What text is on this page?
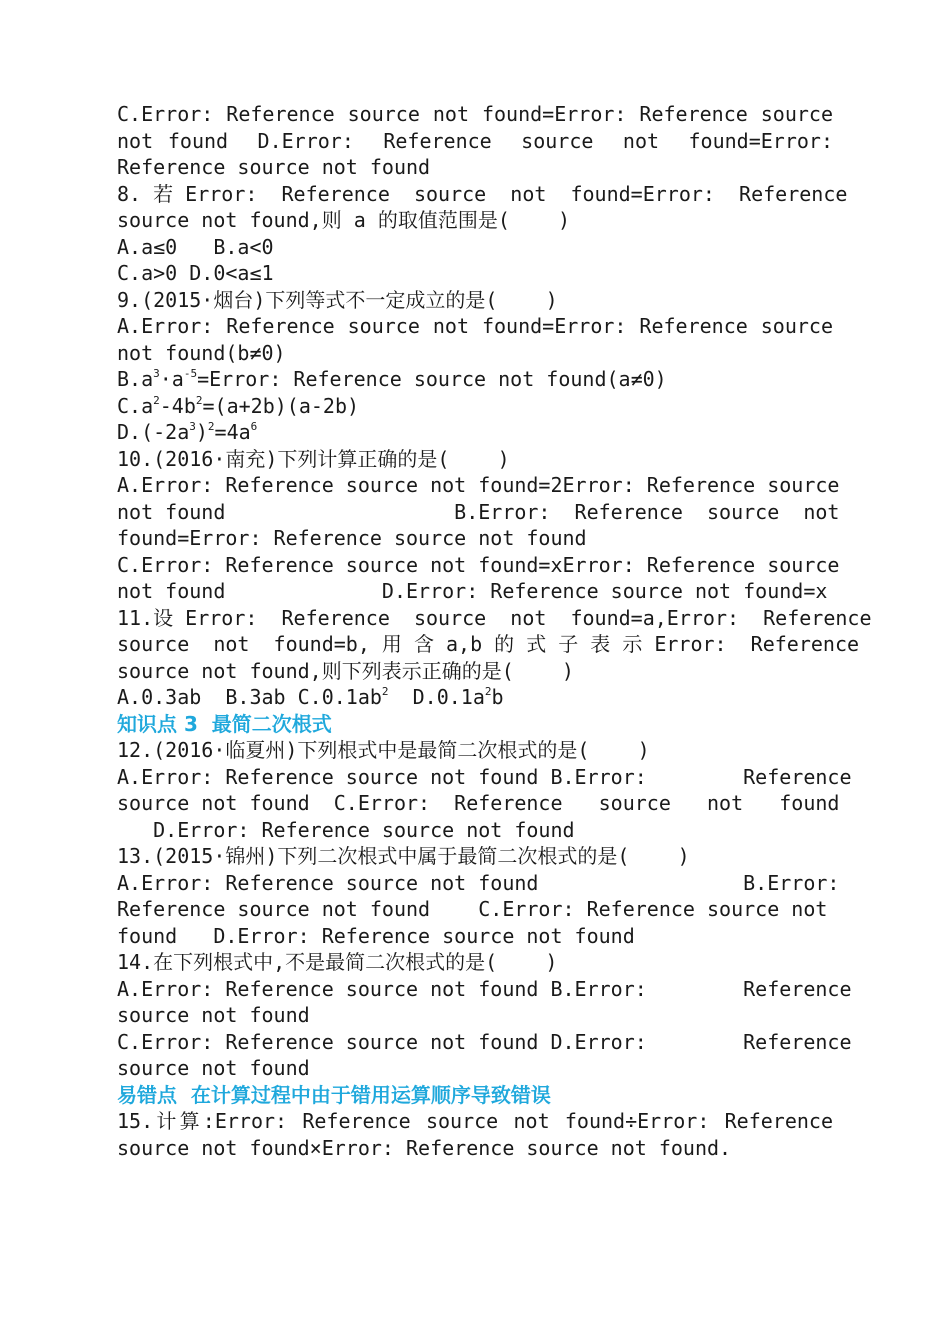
C.Error: Reference source not found=Error: Reference source
not found  D.Error:  Reference  source  not  found=Error:
Reference source not found
8. 若 Error:  Reference  source  not  found=Error:  Reference
source not found,则 a 的取值范围是(    )
A.a≤0   B.a<0
C.a>0 D.0<a≤1
9.(2015·烟台)下列等式不一定成立的是(    )
A.Error: Reference source not found=Error: Reference source
not found(b≠0)
$B.a^3\cdot a^{-5}=Error$: Reference source not found(a≠0)
$C.a^2-4b^2=(a+2b)(a-2b)$
$D.(-2a^3)^2=4a^6$
10.(2016·南充)下列计算正确的是(    )
A.Error: Reference source not found=2Error: Reference source
not found                   B.Error:  Reference  source  not
found=Error: Reference source not found
C.Error: Reference source not found=xError: Reference source
not found             D.Error: Reference source not found=x
11.设 Error:  Reference  source  not  found=a,Error:  Reference
source  not  found=b, 用 含 a,b 的 式 子 表 示 Error:  Reference
source not found,则下列表示正确的是(    )
A.0.3ab  B.3ab $C.0.1ab^2$  $D.0.1a^2b$
知识点 3  最简二次根式
12.(2016·临夏州)下列根式中是最简二次根式的是(    )
A.Error: Reference source not found B.Error:        Reference
source not found  C.Error:  Reference   source   not   found
D.Error: Reference source not found
13.(2015·锦州)下列二次根式中属于最简二次根式的是(    )
A.Error: Reference source not found                 B.Error:
Reference source not found    C.Error: Reference source not
found   D.Error: Reference source not found
14.在下列根式中,不是最简二次根式的是(    )
A.Error: Reference source not found B.Error:        Reference
source not found
C.Error: Reference source not found D.Error:        Reference
source not found
易错点  在计算过程中由于错用运算顺序导致错误
15.计算:Error: Reference source not found÷Error: Reference
source not found×Error: Reference source not found.
